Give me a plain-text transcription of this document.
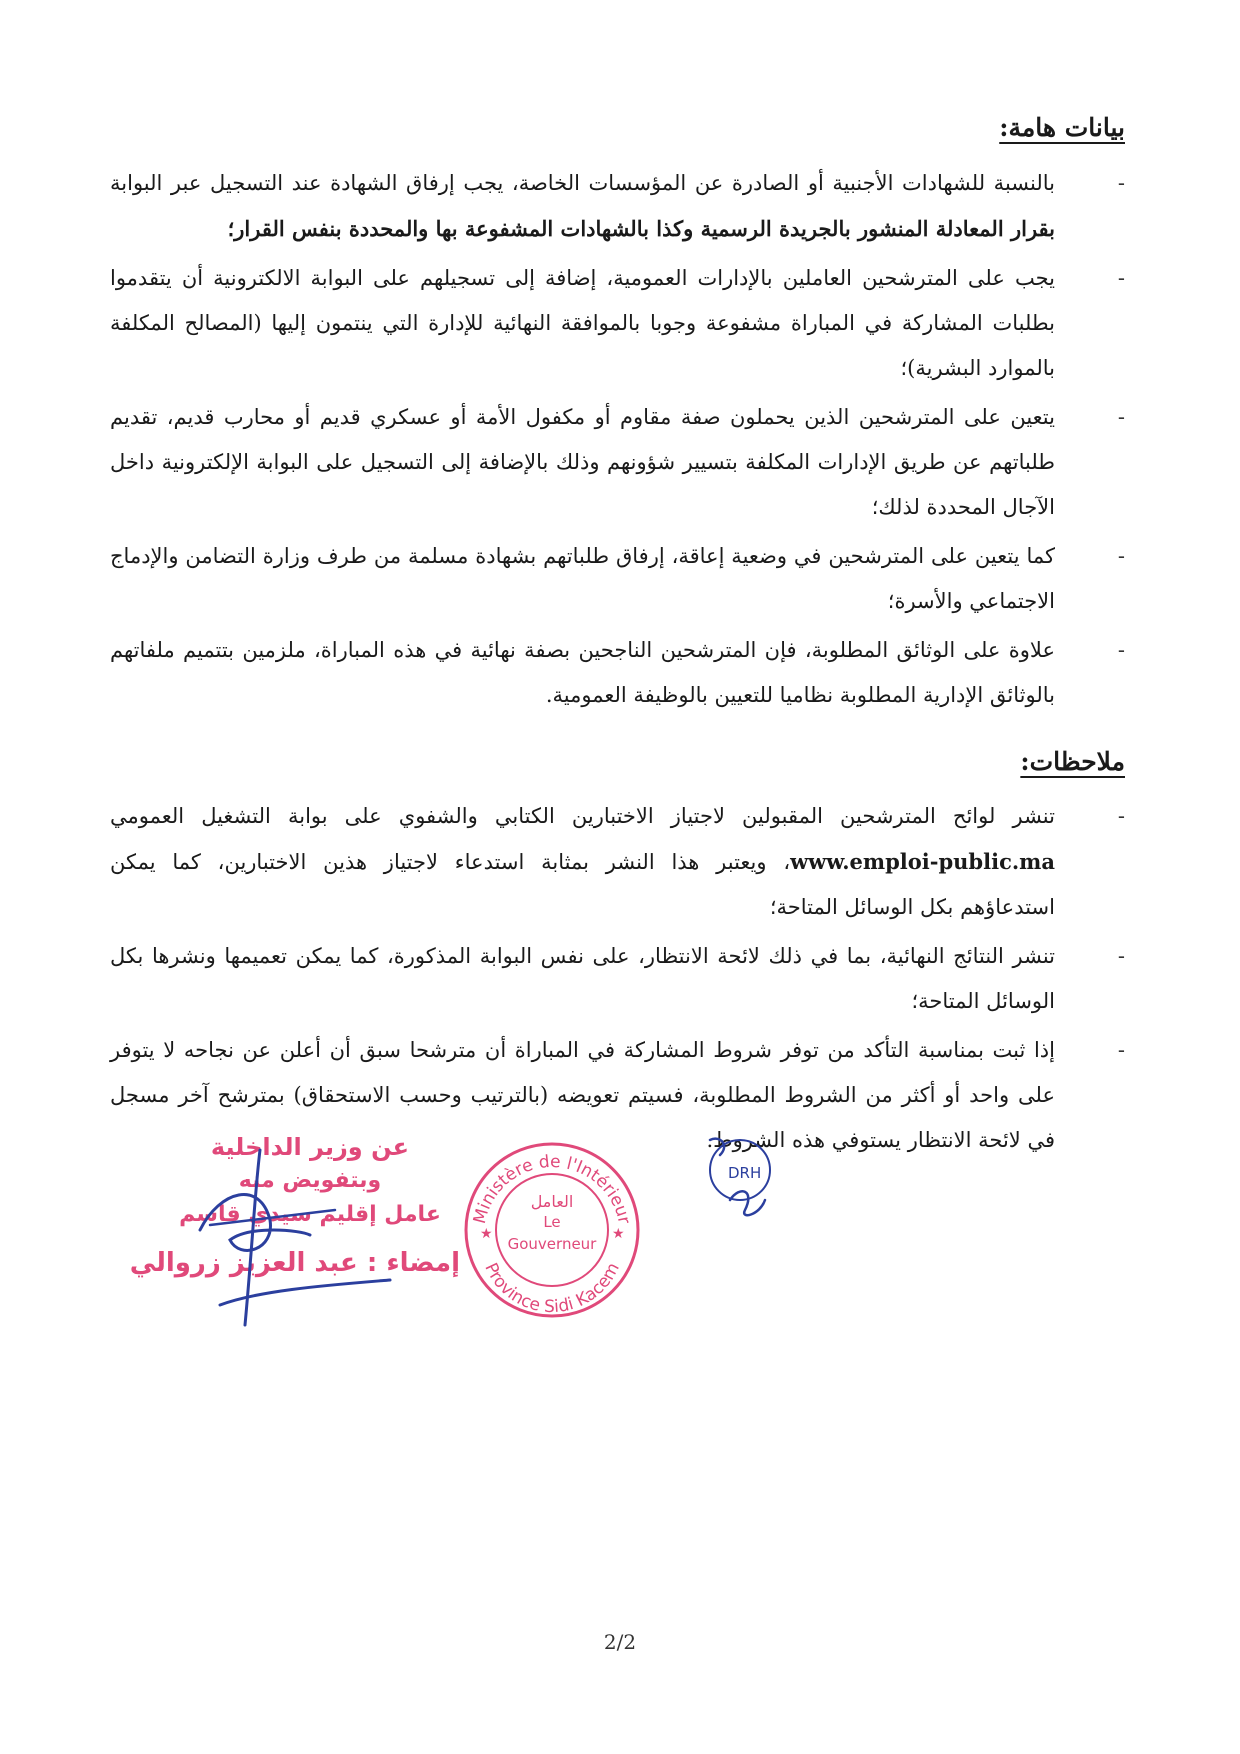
بيانات هامة:
- بالنسبة للشهادات الأجنبية أو الصادرة عن المؤسسات الخاصة، يجب إرفاق الشهادة عند التسجيل عبر البوابة بقرار المعادلة المنشور بالجريدة الرسمية وكذا بالشهادات المشفوعة بها والمحددة بنفس القرار؛
- يجب على المترشحين العاملين بالإدارات العمومية، إضافة إلى تسجيلهم على البوابة الالكترونية أن يتقدموا بطلبات المشاركة في المباراة مشفوعة وجوبا بالموافقة النهائية للإدارة التي ينتمون إليها (المصالح المكلفة بالموارد البشرية)؛
- يتعين على المترشحين الذين يحملون صفة مقاوم أو مكفول الأمة أو عسكري قديم أو محارب قديم، تقديم طلباتهم عن طريق الإدارات المكلفة بتسيير شؤونهم وذلك بالإضافة إلى التسجيل على البوابة الإلكترونية داخل الآجال المحددة لذلك؛
- كما يتعين على المترشحين في وضعية إعاقة، إرفاق طلباتهم بشهادة مسلمة من طرف وزارة التضامن والإدماج الاجتماعي والأسرة؛
- علاوة على الوثائق المطلوبة، فإن المترشحين الناجحين بصفة نهائية في هذه المباراة، ملزمين بتتميم ملفاتهم بالوثائق الإدارية المطلوبة نظاميا للتعيين بالوظيفة العمومية.
ملاحظات:
- تنشر لوائح المترشحين المقبولين لاجتياز الاختبارين الكتابي والشفوي على بوابة التشغيل العمومي www.emploi-public.ma، ويعتبر هذا النشر بمثابة استدعاء لاجتياز هذين الاختبارين، كما يمكن استدعاؤهم بكل الوسائل المتاحة؛
- تنشر النتائج النهائية، بما في ذلك لائحة الانتظار، على نفس البوابة المذكورة، كما يمكن تعميمها ونشرها بكل الوسائل المتاحة؛
- إذا ثبت بمناسبة التأكد من توفر شروط المشاركة في المباراة أن مترشحا سبق أن أعلن عن نجاحه لا يتوفر على واحد أو أكثر من الشروط المطلوبة، فسيتم تعويضه (بالترتيب وحسب الاستحقاق) بمترشح آخر مسجل في لائحة الانتظار يستوفي هذه الشروط.
عن وزير الداخلية
وبتفويض منه
عامل إقليم سيدي قاسم
إمضاء : عبد العزيز زروالي
Ministère de l'Intérieur
Province Sidi Kacem
★	★
العامل
Le
Gouverneur
DRH
2/2
